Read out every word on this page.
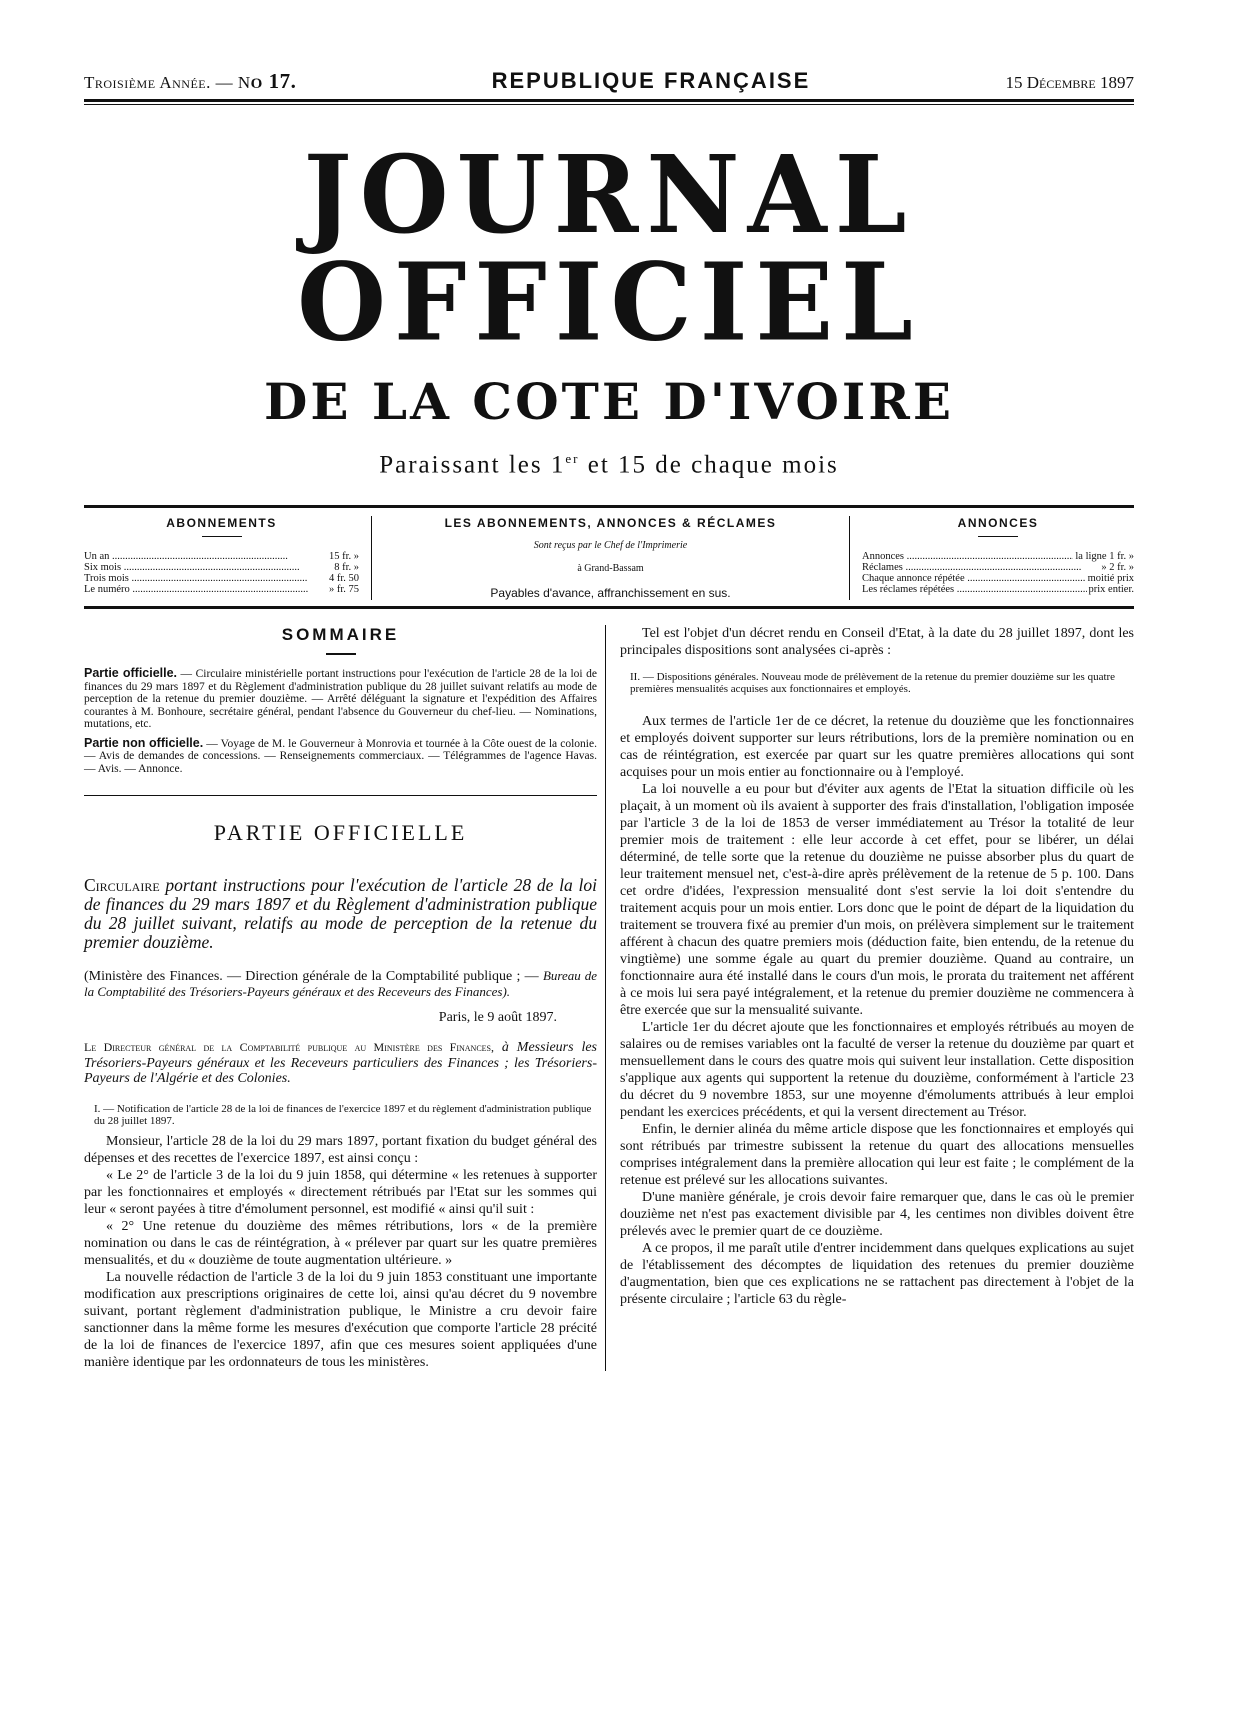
Troisième Année. — No 17.	REPUBLIQUE FRANÇAISE	15 Décembre 1897
JOURNAL OFFICIEL
DE LA COTE D'IVOIRE
Paraissant les 1er et 15 de chaque mois
ABONNEMENTS
Un an .....	15 fr. »
Six mois .....	8 fr. »
Trois mois .....	4 fr. 50
Le numéro .....	» fr. 75
LES ABONNEMENTS, ANNONCES & RÉCLAMES
Sont reçus par le Chef de l'Imprimerie
à Grand-Bassam
Payables d'avance, affranchissement en sus.
ANNONCES
Annonces .....	la ligne 1 fr. »
Réclames .....	» 2 fr. »
Chaque annonce répétée .....	moitié prix
Les réclames répétées .....	prix entier.
SOMMAIRE

Partie officielle. — Circulaire ministérielle portant instructions pour l'exécution de l'article 28 de la loi de finances du 29 mars 1897 et du Règlement d'administration publique du 28 juillet suivant relatifs au mode de perception de la retenue du premier douzième. — Arrêté déléguant la signature et l'expédition des Affaires courantes à M. Bonhoure, secrétaire général, pendant l'absence du Gouverneur du chef-lieu. — Nominations, mutations, etc.

Partie non officielle. — Voyage de M. le Gouverneur à Monrovia et tournée à la Côte ouest de la colonie. — Avis de demandes de concessions. — Renseignements commerciaux. — Télégrammes de l'agence Havas. — Avis. — Annonce.

PARTIE OFFICIELLE

Circulaire portant instructions pour l'exécution de l'article 28 de la loi de finances du 29 mars 1897 et du Règlement d'administration publique du 28 juillet suivant, relatifs au mode de perception de la retenue du premier douzième.

(Ministère des Finances. — Direction générale de la Comptabilité publique ; — Bureau de la Comptabilité des Trésoriers-Payeurs généraux et des Receveurs des Finances).

Paris, le 9 août 1897.

Le Directeur général de la Comptabilité publique au Ministère des Finances, à Messieurs les Trésoriers-Payeurs généraux et les Receveurs particuliers des Finances ; les Trésoriers-Payeurs de l'Algérie et des Colonies.

I. — Notification de l'article 28 de la loi de finances de l'exercice 1897 et du règlement d'administration publique du 28 juillet 1897.

Monsieur, l'article 28 de la loi du 29 mars 1897, portant fixation du budget général des dépenses et des recettes de l'exercice 1897, est ainsi conçu :

« Le 2° de l'article 3 de la loi du 9 juin 1858, qui détermine « les retenues à supporter par les fonctionnaires et employés « directement rétribués par l'Etat sur les sommes qui leur « seront payées à titre d'émolument personnel, est modifié « ainsi qu'il suit :

« 2° Une retenue du douzième des mêmes rétributions, lors « de la première nomination ou dans le cas de réintégration, à « prélever par quart sur les quatre premières mensualités, et du « douzième de toute augmentation ultérieure. »

La nouvelle rédaction de l'article 3 de la loi du 9 juin 1853 constituant une importante modification aux prescriptions originaires de cette loi, ainsi qu'au décret du 9 novembre suivant, portant règlement d'administration publique, le Ministre a cru devoir faire sanctionner dans la même forme les mesures d'exécution que comporte l'article 28 précité de la loi de finances de l'exercice 1897, afin que ces mesures soient appliquées d'une manière identique par les ordonnateurs de tous les ministères.

Tel est l'objet d'un décret rendu en Conseil d'Etat, à la date du 28 juillet 1897, dont les principales dispositions sont analysées ci-après :

II. — Dispositions générales. Nouveau mode de prélèvement de la retenue du premier douzième sur les quatre premières mensualités acquises aux fonctionnaires et employés.

Aux termes de l'article 1er de ce décret, la retenue du douzième que les fonctionnaires et employés doivent supporter sur leurs rétributions, lors de la première nomination ou en cas de réintégration, est exercée par quart sur les quatre premières allocations qui sont acquises pour un mois entier au fonctionnaire ou à l'employé.

La loi nouvelle a eu pour but d'éviter aux agents de l'Etat la situation difficile où les plaçait, à un moment où ils avaient à supporter des frais d'installation, l'obligation imposée par l'article 3 de la loi de 1853 de verser immédiatement au Trésor la totalité de leur premier mois de traitement : elle leur accorde à cet effet, pour se libérer, un délai déterminé, de telle sorte que la retenue du douzième ne puisse absorber plus du quart de leur traitement mensuel net, c'est-à-dire après prélèvement de la retenue de 5 p. 100. Dans cet ordre d'idées, l'expression mensualité dont s'est servie la loi doit s'entendre du traitement acquis pour un mois entier. Lors donc que le point de départ de la liquidation du traitement se trouvera fixé au premier d'un mois, on prélèvera simplement sur le traitement afférent à chacun des quatre premiers mois (déduction faite, bien entendu, de la retenue du vingtième) une somme égale au quart du premier douzième. Quand au contraire, un fonctionnaire aura été installé dans le cours d'un mois, le prorata du traitement net afférent à ce mois lui sera payé intégralement, et la retenue du premier douzième ne commencera à être exercée que sur la mensualité suivante.

L'article 1er du décret ajoute que les fonctionnaires et employés rétribués au moyen de salaires ou de remises variables ont la faculté de verser la retenue du douzième par quart et mensuellement dans le cours des quatre mois qui suivent leur installation. Cette disposition s'applique aux agents qui supportent la retenue du douzième, conformément à l'article 23 du décret du 9 novembre 1853, sur une moyenne d'émoluments attribués à leur emploi pendant les exercices précédents, et qui la versent directement au Trésor.

Enfin, le dernier alinéa du même article dispose que les fonctionnaires et employés qui sont rétribués par trimestre subissent la retenue du quart des allocations mensuelles comprises intégralement dans la première allocation qui leur est faite ; le complément de la retenue est prélevé sur les allocations suivantes.

D'une manière générale, je crois devoir faire remarquer que, dans le cas où le premier douzième net n'est pas exactement divisible par 4, les centimes non divibles doivent être prélevés avec le premier quart de ce douzième.

A ce propos, il me paraît utile d'entrer incidemment dans quelques explications au sujet de l'établissement des décomptes de liquidation des retenues du premier douzième d'augmentation, bien que ces explications ne se rattachent pas directement à l'objet de la présente circulaire ; l'article 63 du règle-
